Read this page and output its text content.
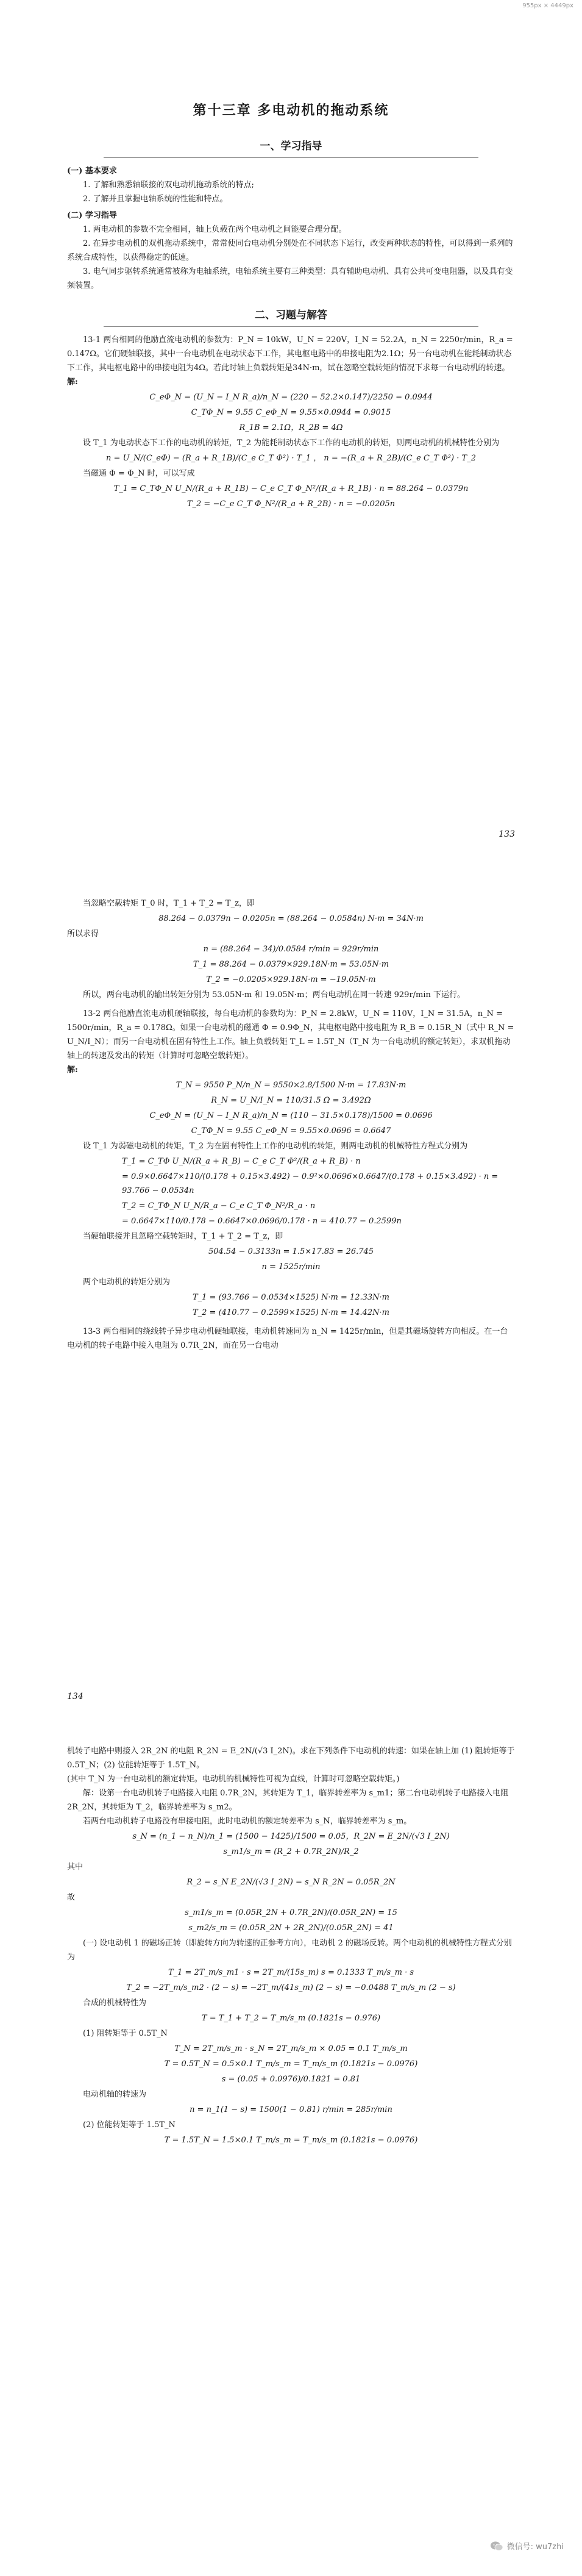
955px × 4449px

第十三章 多电动机的拖动系统

一、学习指导

(一) 基本要求

1. 了解和熟悉轴联接的双电动机拖动系统的特点;

2. 了解并且掌握电轴系统的性能和特点。

(二) 学习指导

1. 两电动机的参数不完全相同，轴上负载在两个电动机之间能要合理分配。

2. 在异步电动机的双机拖动系统中，常常使同台电动机分别处在不同状态下运行，改变两种状态的特性，可以得到一系列的系统合成特性，以获得稳定的低速。

3. 电气同步驱转系统通常被称为电轴系统，电轴系统主要有三种类型：具有辅助电动机、具有公共可变电阻器，以及具有变频装置。

二、习题与解答

13-1 两台相同的他励直流电动机的参数为：P_N = 10kW，U_N = 220V，I_N = 52.2A，n_N = 2250r/min，R_a = 0.147Ω。它们硬轴联接，其中一台电动机在电动状态下工作，其电枢电路中的串接电阻为2.1Ω；另一台电动机在能耗制动状态下工作，其电枢电路中的串接电阻为4Ω。若此时轴上负载转矩是34N·m，试在忽略空载转矩的情况下求每一台电动机的转速。

解:

C_eΦ_N = (U_N − I_N R_a)/n_N = (220 − 52.2×0.147)/2250 = 0.0944

C_TΦ_N = 9.55 C_eΦ_N = 9.55×0.0944 = 0.9015

R_1B = 2.1Ω，R_2B = 4Ω

设 T_1 为电动状态下工作的电动机的转矩，T_2 为能耗制动状态下工作的电动机的转矩，则两电动机的机械特性分别为

n = U_N/(C_eΦ) − (R_a + R_1B)/(C_e C_T Φ²) · T_1 ， n = −(R_a + R_2B)/(C_e C_T Φ²) · T_2

当磁通 Φ = Φ_N 时，可以写成

T_1 = C_TΦ_N U_N/(R_a + R_1B) − C_e C_T Φ_N²/(R_a + R_1B) · n = 88.264 − 0.0379n

T_2 = −C_e C_T Φ_N²/(R_a + R_2B) · n = −0.0205n

133

当忽略空载转矩 T_0 时，T_1 + T_2 = T_z，即

88.264 − 0.0379n − 0.0205n = (88.264 − 0.0584n) N·m = 34N·m

所以求得

n = (88.264 − 34)/0.0584 r/min = 929r/min

T_1 = 88.264 − 0.0379×929.18N·m = 53.05N·m

T_2 = −0.0205×929.18N·m = −19.05N·m

所以，两台电动机的输出转矩分别为 53.05N·m 和 19.05N·m；两台电动机在同一转速 929r/min 下运行。

13-2 两台他励直流电动机硬轴联接，每台电动机的参数均为：P_N = 2.8kW，U_N = 110V，I_N = 31.5A，n_N = 1500r/min，R_a = 0.178Ω。如果一台电动机的磁通 Φ = 0.9Φ_N，其电枢电路中接电阻为 R_B = 0.15R_N（式中 R_N = U_N/I_N）；而另一台电动机在固有特性上工作。轴上负载转矩 T_L = 1.5T_N（T_N 为一台电动机的额定转矩），求双机拖动轴上的转速及发出的转矩（计算时可忽略空载转矩）。

解:

T_N = 9550 P_N/n_N = 9550×2.8/1500 N·m = 17.83N·m

R_N = U_N/I_N = 110/31.5 Ω = 3.492Ω

C_eΦ_N = (U_N − I_N R_a)/n_N = (110 − 31.5×0.178)/1500 = 0.0696

C_TΦ_N = 9.55 C_eΦ_N = 9.55×0.0696 = 0.6647

设 T_1 为弱磁电动机的转矩，T_2 为在固有特性上工作的电动机的转矩，则两电动机的机械特性方程式分别为

T_1 = C_TΦ U_N/(R_a + R_B) − C_e C_T Φ²/(R_a + R_B) · n

= 0.9×0.6647×110/(0.178 + 0.15×3.492) − 0.9²×0.0696×0.6647/(0.178 + 0.15×3.492) · n = 93.766 − 0.0534n

T_2 = C_TΦ_N U_N/R_a − C_e C_T Φ_N²/R_a · n

= 0.6647×110/0.178 − 0.6647×0.0696/0.178 · n = 410.77 − 0.2599n

当硬轴联接并且忽略空载转矩时，T_1 + T_2 = T_z，即

504.54 − 0.3133n = 1.5×17.83 = 26.745

n = 1525r/min

两个电动机的转矩分别为

T_1 = (93.766 − 0.0534×1525) N·m = 12.33N·m

T_2 = (410.77 − 0.2599×1525) N·m = 14.42N·m

13-3 两台相同的绕线转子异步电动机硬轴联接，电动机转速同为 n_N = 1425r/min，但是其磁场旋转方向相反。在一台电动机的转子电路中接入电阻为 0.7R_2N，而在另一台电动

134

机转子电路中则接入 2R_2N 的电阻 R_2N = E_2N/(√3 I_2N)。求在下列条件下电动机的转速：如果在轴上加 (1) 阻转矩等于 0.5T_N；(2) 位能转矩等于 1.5T_N。

(其中 T_N 为一台电动机的额定转矩。电动机的机械特性可视为直线，计算时可忽略空载转矩。)

解：设第一台电动机转子电路接入电阻 0.7R_2N，其转矩为 T_1，临界转差率为 s_m1；第二台电动机转子电路接入电阻 2R_2N，其转矩为 T_2，临界转差率为 s_m2。

若两台电动机转子电路没有串接电阻，此时电动机的额定转差率为 s_N，临界转差率为 s_m。

s_N = (n_1 − n_N)/n_1 = (1500 − 1425)/1500 = 0.05，R_2N = E_2N/(√3 I_2N)

s_m1/s_m = (R_2 + 0.7R_2N)/R_2

其中

R_2 = s_N E_2N/(√3 I_2N) = s_N R_2N = 0.05R_2N

故

s_m1/s_m = (0.05R_2N + 0.7R_2N)/(0.05R_2N) = 15

s_m2/s_m = (0.05R_2N + 2R_2N)/(0.05R_2N) = 41

(一) 设电动机 1 的磁场正转（即旋转方向为转速的正参考方向），电动机 2 的磁场反转。两个电动机的机械特性方程式分别为

T_1 = 2T_m/s_m1 · s = 2T_m/(15s_m) s = 0.1333 T_m/s_m · s

T_2 = −2T_m/s_m2 · (2 − s) = −2T_m/(41s_m) (2 − s) = −0.0488 T_m/s_m (2 − s)

合成的机械特性为

T = T_1 + T_2 = T_m/s_m (0.1821s − 0.976)

(1) 阻转矩等于 0.5T_N

T_N = 2T_m/s_m · s_N = 2T_m/s_m × 0.05 = 0.1 T_m/s_m

T = 0.5T_N = 0.5×0.1 T_m/s_m = T_m/s_m (0.1821s − 0.0976)

s = (0.05 + 0.0976)/0.1821 = 0.81

电动机轴的转速为

n = n_1(1 − s) = 1500(1 − 0.81) r/min = 285r/min

(2) 位能转矩等于 1.5T_N

T = 1.5T_N = 1.5×0.1 T_m/s_m = T_m/s_m (0.1821s − 0.0976)

微信号: wu7zhi
